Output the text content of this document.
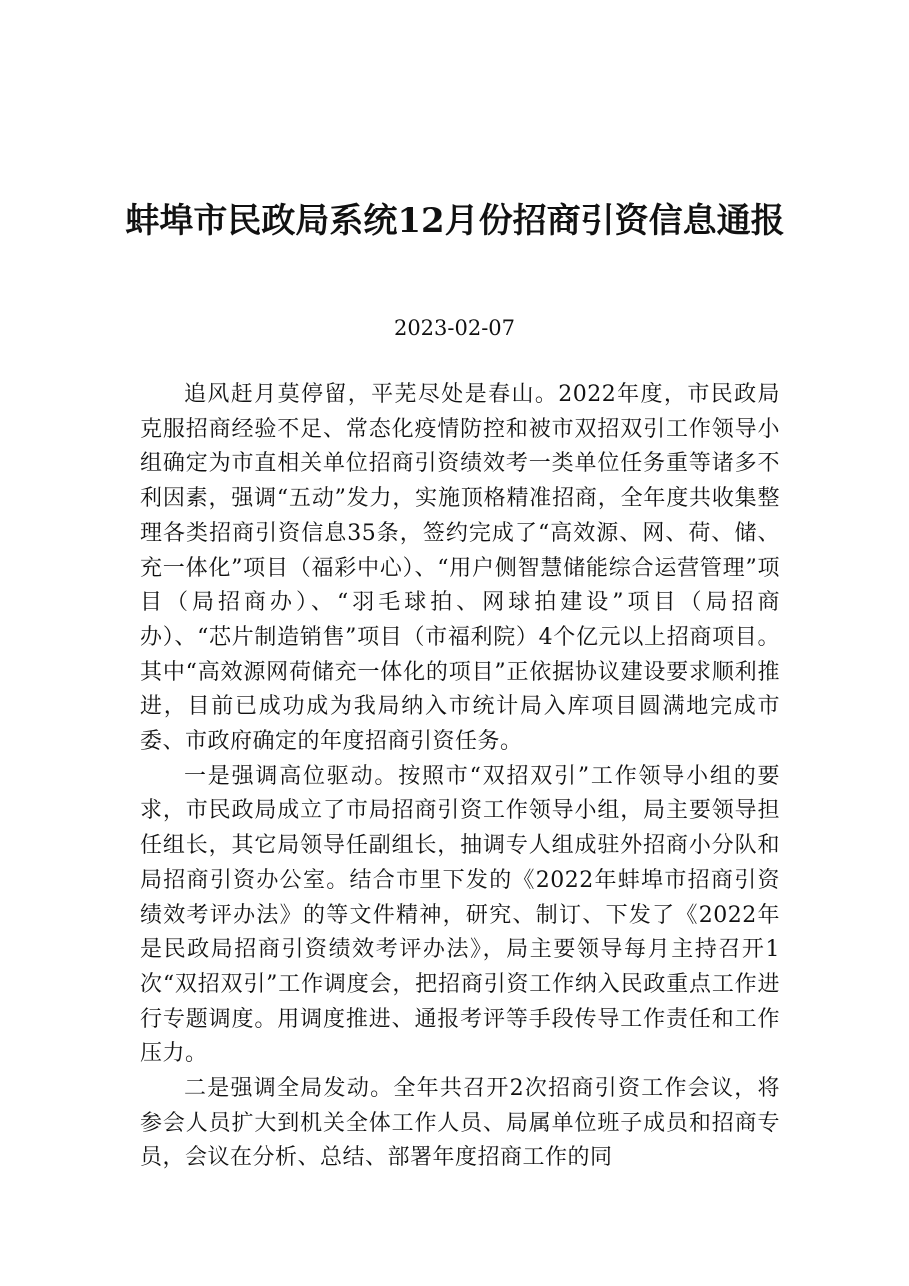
蚌埠市民政局系统12月份招商引资信息通报
2023-02-07

追风赶月莫停留，平芜尽处是春山。2022年度，市民政局克服招商经验不足、常态化疫情防控和被市双招双引工作领导小组确定为市直相关单位招商引资绩效考一类单位任务重等诸多不利因素，强调“五动”发力，实施顶格精准招商，全年度共收集整理各类招商引资信息35条，签约完成了“高效源、网、荷、储、充一体化”项目（福彩中心）、“用户侧智慧储能综合运营管理”项目（局招商办）、“羽毛球拍、网球拍建设”项目（局招商办）、“芯片制造销售”项目（市福利院）4个亿元以上招商项目。其中“高效源网荷储充一体化的项目”正依据协议建设要求顺利推进，目前已成功成为我局纳入市统计局入库项目圆满地完成市委、市政府确定的年度招商引资任务。

一是强调高位驱动。按照市“双招双引”工作领导小组的要求，市民政局成立了市局招商引资工作领导小组，局主要领导担任组长，其它局领导任副组长，抽调专人组成驻外招商小分队和局招商引资办公室。结合市里下发的《2022年蚌埠市招商引资绩效考评办法》的等文件精神，研究、制订、下发了《2022年是民政局招商引资绩效考评办法》，局主要领导每月主持召开1次“双招双引”工作调度会，把招商引资工作纳入民政重点工作进行专题调度。用调度推进、通报考评等手段传导工作责任和工作压力。

二是强调全局发动。全年共召开2次招商引资工作会议，将参会人员扩大到机关全体工作人员、局属单位班子成员和招商专员，会议在分析、总结、部署年度招商工作的同
